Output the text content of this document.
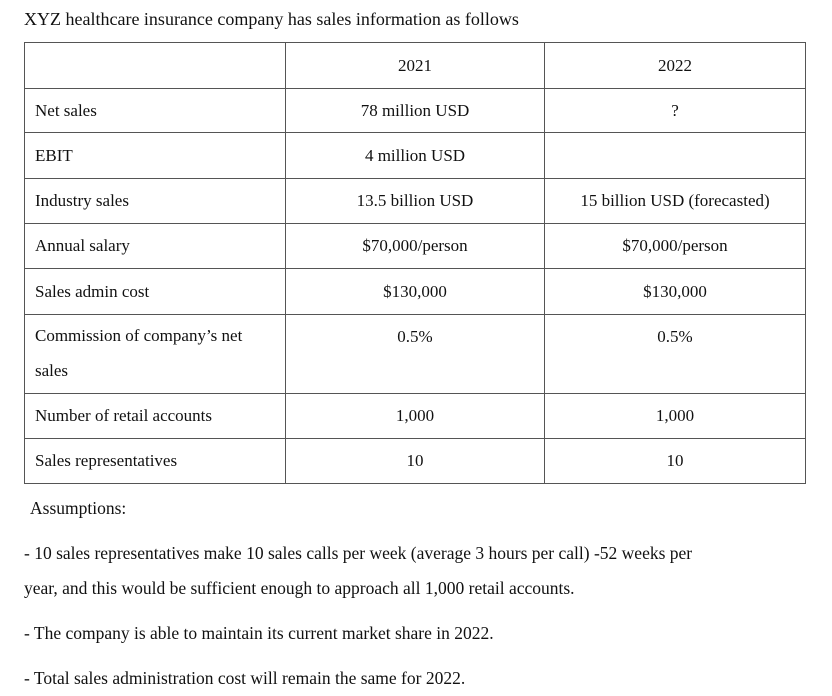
XYZ healthcare insurance company has sales information as follows
	2021	2022
Net sales	78 million USD	?
EBIT	4 million USD	
Industry sales	13.5 billion USD	15 billion USD (forecasted)
Annual salary	$70,000/person	$70,000/person
Sales admin cost	$130,000	$130,000
Commission of company’s net
sales	0.5%	0.5%
Number of retail accounts	1,000	1,000
Sales representatives	10	10
Assumptions:
- 10 sales representatives make 10 sales calls per week (average 3 hours per call) -52 weeks per
year, and this would be sufficient enough to approach all 1,000 retail accounts.
- The company is able to maintain its current market share in 2022.
- Total sales administration cost will remain the same for 2022.
